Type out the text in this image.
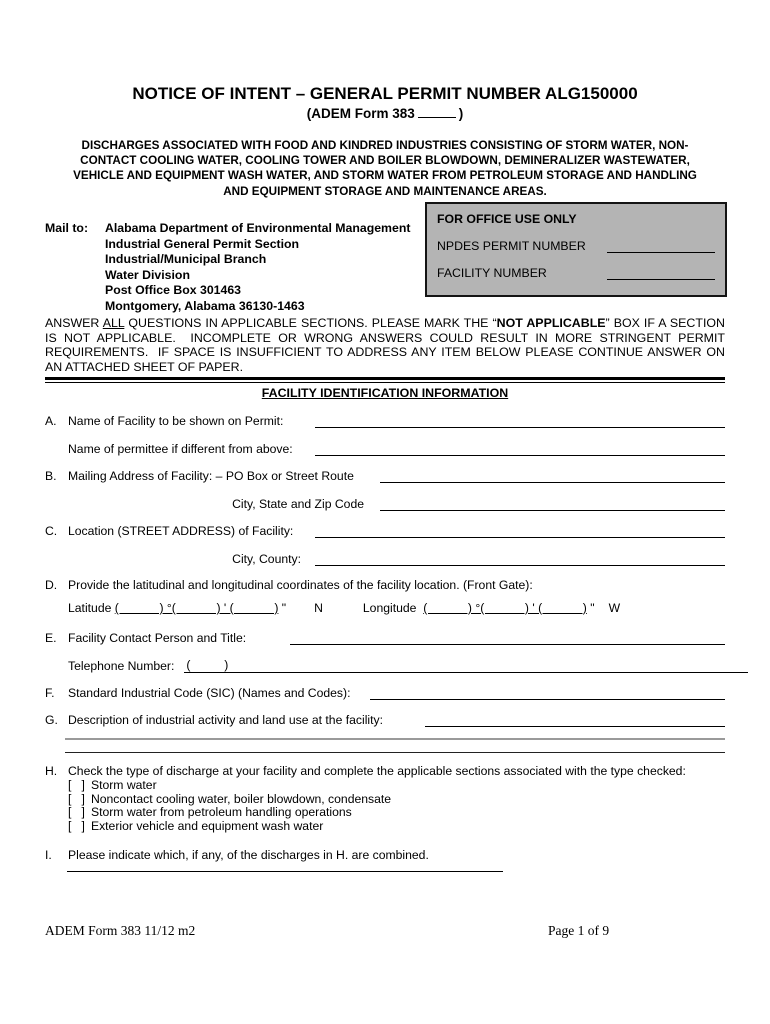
NOTICE OF INTENT – GENERAL PERMIT NUMBER ALG150000
(ADEM Form 383	)
DISCHARGES ASSOCIATED WITH FOOD AND KINDRED INDUSTRIES CONSISTING OF STORM WATER, NON-
CONTACT COOLING WATER, COOLING TOWER AND BOILER BLOWDOWN, DEMINERALIZER WASTEWATER,
VEHICLE AND EQUIPMENT WASH WATER, AND STORM WATER FROM PETROLEUM STORAGE AND HANDLING
AND EQUIPMENT STORAGE AND MAINTENANCE AREAS.
Mail to:	Alabama Department of Environmental Management
Industrial General Permit Section
Industrial/Municipal Branch
Water Division
Post Office Box 301463
Montgomery, Alabama 36130-1463
FOR OFFICE USE ONLY
NPDES PERMIT NUMBER
FACILITY NUMBER
ANSWER ALL QUESTIONS IN APPLICABLE SECTIONS. PLEASE MARK THE “NOT APPLICABLE” BOX IF A SECTION IS NOT APPLICABLE.  INCOMPLETE OR WRONG ANSWERS COULD RESULT IN MORE STRINGENT PERMIT REQUIREMENTS.  IF SPACE IS INSUFFICIENT TO ADDRESS ANY ITEM BELOW PLEASE CONTINUE ANSWER ON AN ATTACHED SHEET OF PAPER.
FACILITY IDENTIFICATION INFORMATION
A. Name of Facility to be shown on Permit:
Name of permittee if different from above:
B. Mailing Address of Facility: – PO Box or Street Route
City, State and Zip Code
C. Location (STREET ADDRESS) of Facility:
City, County:
D. Provide the latitudinal and longitudinal coordinates of the facility location. (Front Gate):
Latitude
(            ) °(            ) ' (            )
" N	Longitude
(            ) °(            ) ' (            )
" W
E. Facility Contact Person and Title:
Telephone Number: (          )
F.	Standard Industrial Code (SIC) (Names and Codes):
G. Description of industrial activity and land use at the facility:
H. Check the type of discharge at your facility and complete the applicable sections associated with the type checked:
[   ] Storm water
[   ] Noncontact cooling water, boiler blowdown, condensate
[   ] Storm water from petroleum handling operations
[   ] Exterior vehicle and equipment wash water
I.	Please indicate which, if any, of the discharges in H. are combined.
ADEM Form 383 11/12 m2	Page 1 of 9
